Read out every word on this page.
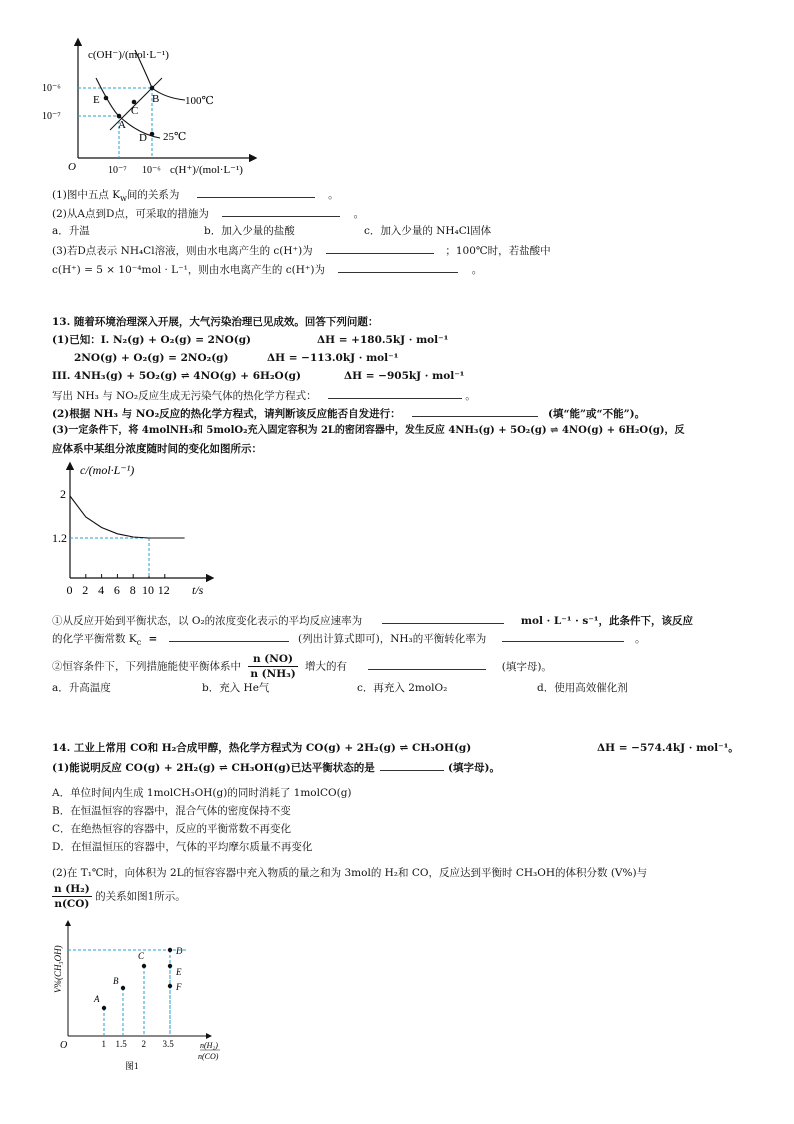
c(OH⁻)/(mol·L⁻¹)
10⁻⁶
10⁻⁷
O	10⁻⁷ 10⁻⁶ c(H⁺)/(mol·L⁻¹)
A
B
C
D
E	100℃
25℃
(1)图中五点 $K_w$间的关系为	。
(2)从A点到D点，可采取的措施为	。
a．升温	b．加入少量的盐酸	c．加入少量的 NH₄Cl固体
(3)若D点表示 NH₄Cl溶液，则由水电离产生的 c(H⁺)为	；100℃时，若盐酸中
c(H⁺) = 5 × 10⁻⁴mol · L⁻¹，则由水电离产生的 c(H⁺)为	。
13. 随着环境治理深入开展，大气污染治理已见成效。回答下列问题：
(1)已知：I. N₂(g) + O₂(g) = 2NO(g)	ΔH = +180.5kJ · mol⁻¹
2NO(g) + O₂(g) = 2NO₂(g)	ΔH = −113.0kJ · mol⁻¹
III. 4NH₃(g) + 5O₂(g) ⇌ 4NO(g) + 6H₂O(g)	ΔH = −905kJ · mol⁻¹
写出 NH₃ 与 NO₂反应生成无污染气体的热化学方程式：	。
(2)根据 NH₃ 与 NO₂反应的热化学方程式，请判断该反应能否自发进行：	(填“能”或“不能”)。
(3)一定条件下，将 4molNH₃和 5molO₂充入固定容积为 2L的密闭容器中，发生反应 4NH₃(g) + 5O₂(g) ⇌ 4NO(g) + 6H₂O(g)，反
应体系中某组分浓度随时间的变化如图所示：
c/(mol·L⁻¹)
2
1.2
t/s
0 2 4 6 8 10 12
①从反应开始到平衡状态，以 O₂的浓度变化表示的平均反应速率为	mol · L⁻¹ · s⁻¹，此条件下，该反应
的化学平衡常数 $K_c$ =	(列出计算式即可)，NH₃的平衡转化率为	。
②恒容条件下，下列措施能使平衡体系中 $\frac{n (NO)}{\text{n (NH₃)}}$ 增大的有	(填字母)。
a．升高温度	b．充入 He气	c．再充入 2molO₂	d．使用高效催化剂
14. 工业上常用 CO和 H₂合成甲醇，热化学方程式为 CO(g) + 2H₂(g) ⇌ CH₃OH(g)	ΔH = −574.4kJ · mol⁻¹。
(1)能说明反应 CO(g) + 2H₂(g) ⇌ CH₃OH(g)已达平衡状态的是	(填字母)。
A．单位时间内生成 1molCH₃OH(g)的同时消耗了 1molCO(g)
B．在恒温恒容的容器中，混合气体的密度保持不变
C．在绝热恒容的容器中，反应的平衡常数不再变化
D．在恒温恒压的容器中，气体的平均摩尔质量不再变化
(2)在 T₁℃时，向体积为 2L的恒容容器中充入物质的量之和为 3mol的 H₂和 CO，反应达到平衡时 CH₃OH的体积分数 (V%)与
$\frac{\text{n (H₂)}}{n(CO)}$ 的关系如图1所示。
1 1.5 2 3.5
A
B
C	D
E
F
V%(CH₃OH)
O	n(H₂)
n(CO)
图1
